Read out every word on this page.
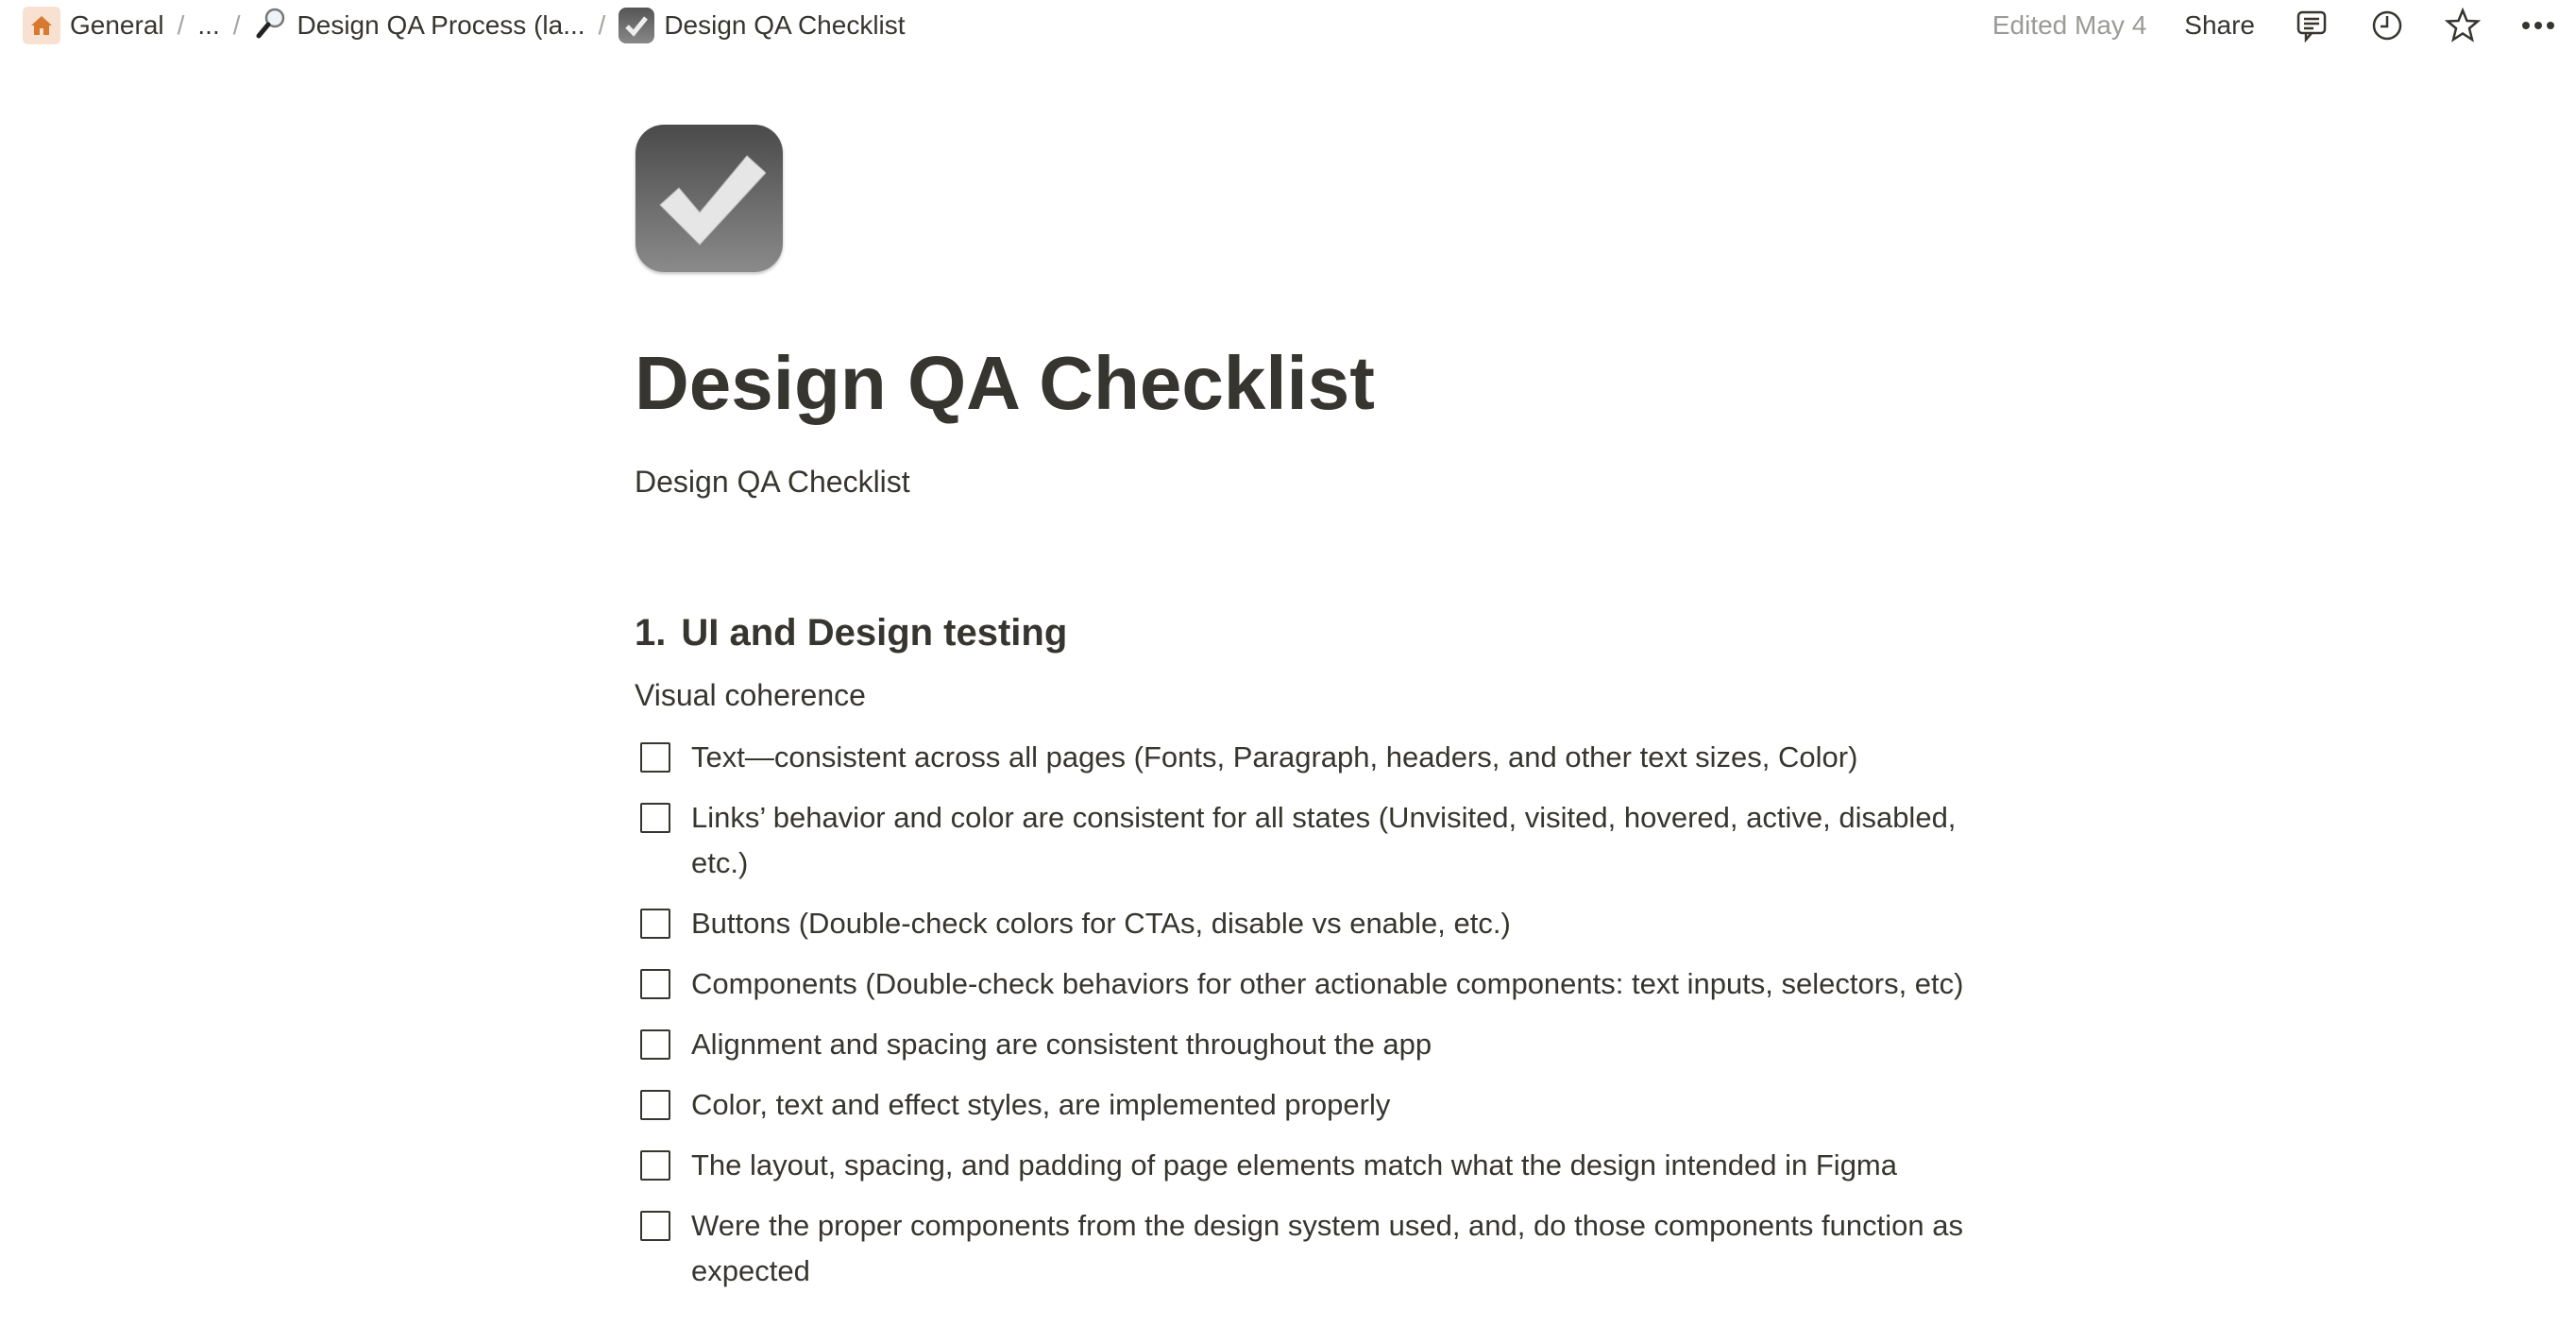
General / ... / Design QA Process (la... / Design QA Checklist	Edited May 4 Share
Design QA Checklist
Design QA Checklist
1. UI and Design testing
Visual coherence
Text—consistent across all pages (Fonts, Paragraph, headers, and other text sizes, Color)
Links’ behavior and color are consistent for all states (Unvisited, visited, hovered, active, disabled, etc.)
Buttons (Double-check colors for CTAs, disable vs enable, etc.)
Components (Double-check behaviors for other actionable components: text inputs, selectors, etc)
Alignment and spacing are consistent throughout the app
Color, text and effect styles, are implemented properly
The layout, spacing, and padding of page elements match what the design intended in Figma
Were the proper components from the design system used, and, do those components function as expected
